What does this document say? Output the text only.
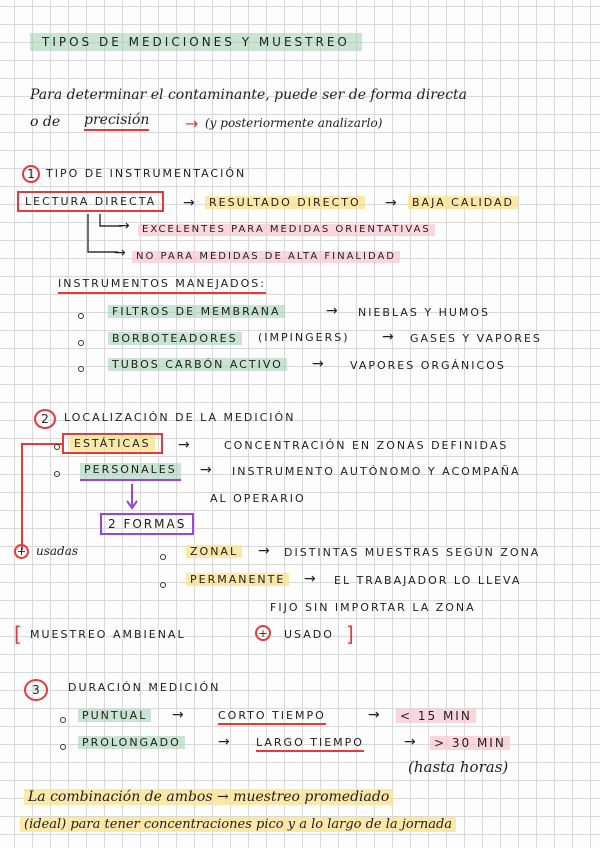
TIPOS DE MEDICIONES Y MUESTREO
Para determinar el contaminante, puede ser de forma directa
o de precisión → (y posteriormente analizarlo)
1	TIPO DE INSTRUMENTACIÓN
LECTURA DIRECTA	→	RESULTADO DIRECTO →	BAJA CALIDAD
→	EXCELENTES PARA MEDIDAS ORIENTATIVAS
→	NO PARA MEDIDAS DE ALTA FINALIDAD
INSTRUMENTOS MANEJADOS:
FILTROS DE MEMBRANA	→ NIEBLAS Y HUMOS
BORBOTEADORES	(IMPINGERS) → GASES Y VAPORES
TUBOS CARBÓN ACTIVO → VAPORES ORGÁNICOS
2	LOCALIZACIÓN DE LA MEDICIÓN
ESTÁTICAS	→	CONCENTRACIÓN EN ZONAS DEFINIDAS
PERSONALES → INSTRUMENTO AUTÓNOMO Y ACOMPAÑA
AL OPERARIO
2 FORMAS
+ usadas	ZONAL → DISTINTAS MUESTRAS SEGÚN ZONA
PERMANENTE → EL TRABAJADOR LO LLEVA
FIJO SIN IMPORTAR LA ZONA
[ MUESTREO AMBIENAL	+	USADO ]
3	DURACIÓN MEDICIÓN
PUNTUAL →	CORTO TIEMPO	→	< 15 MIN
PROLONGADO	→ LARGO TIEMPO	→	> 30 MIN
(hasta horas)
La combinación de ambos → muestreo promediado
(ideal) para tener concentraciones pico y a lo largo de la jornada
